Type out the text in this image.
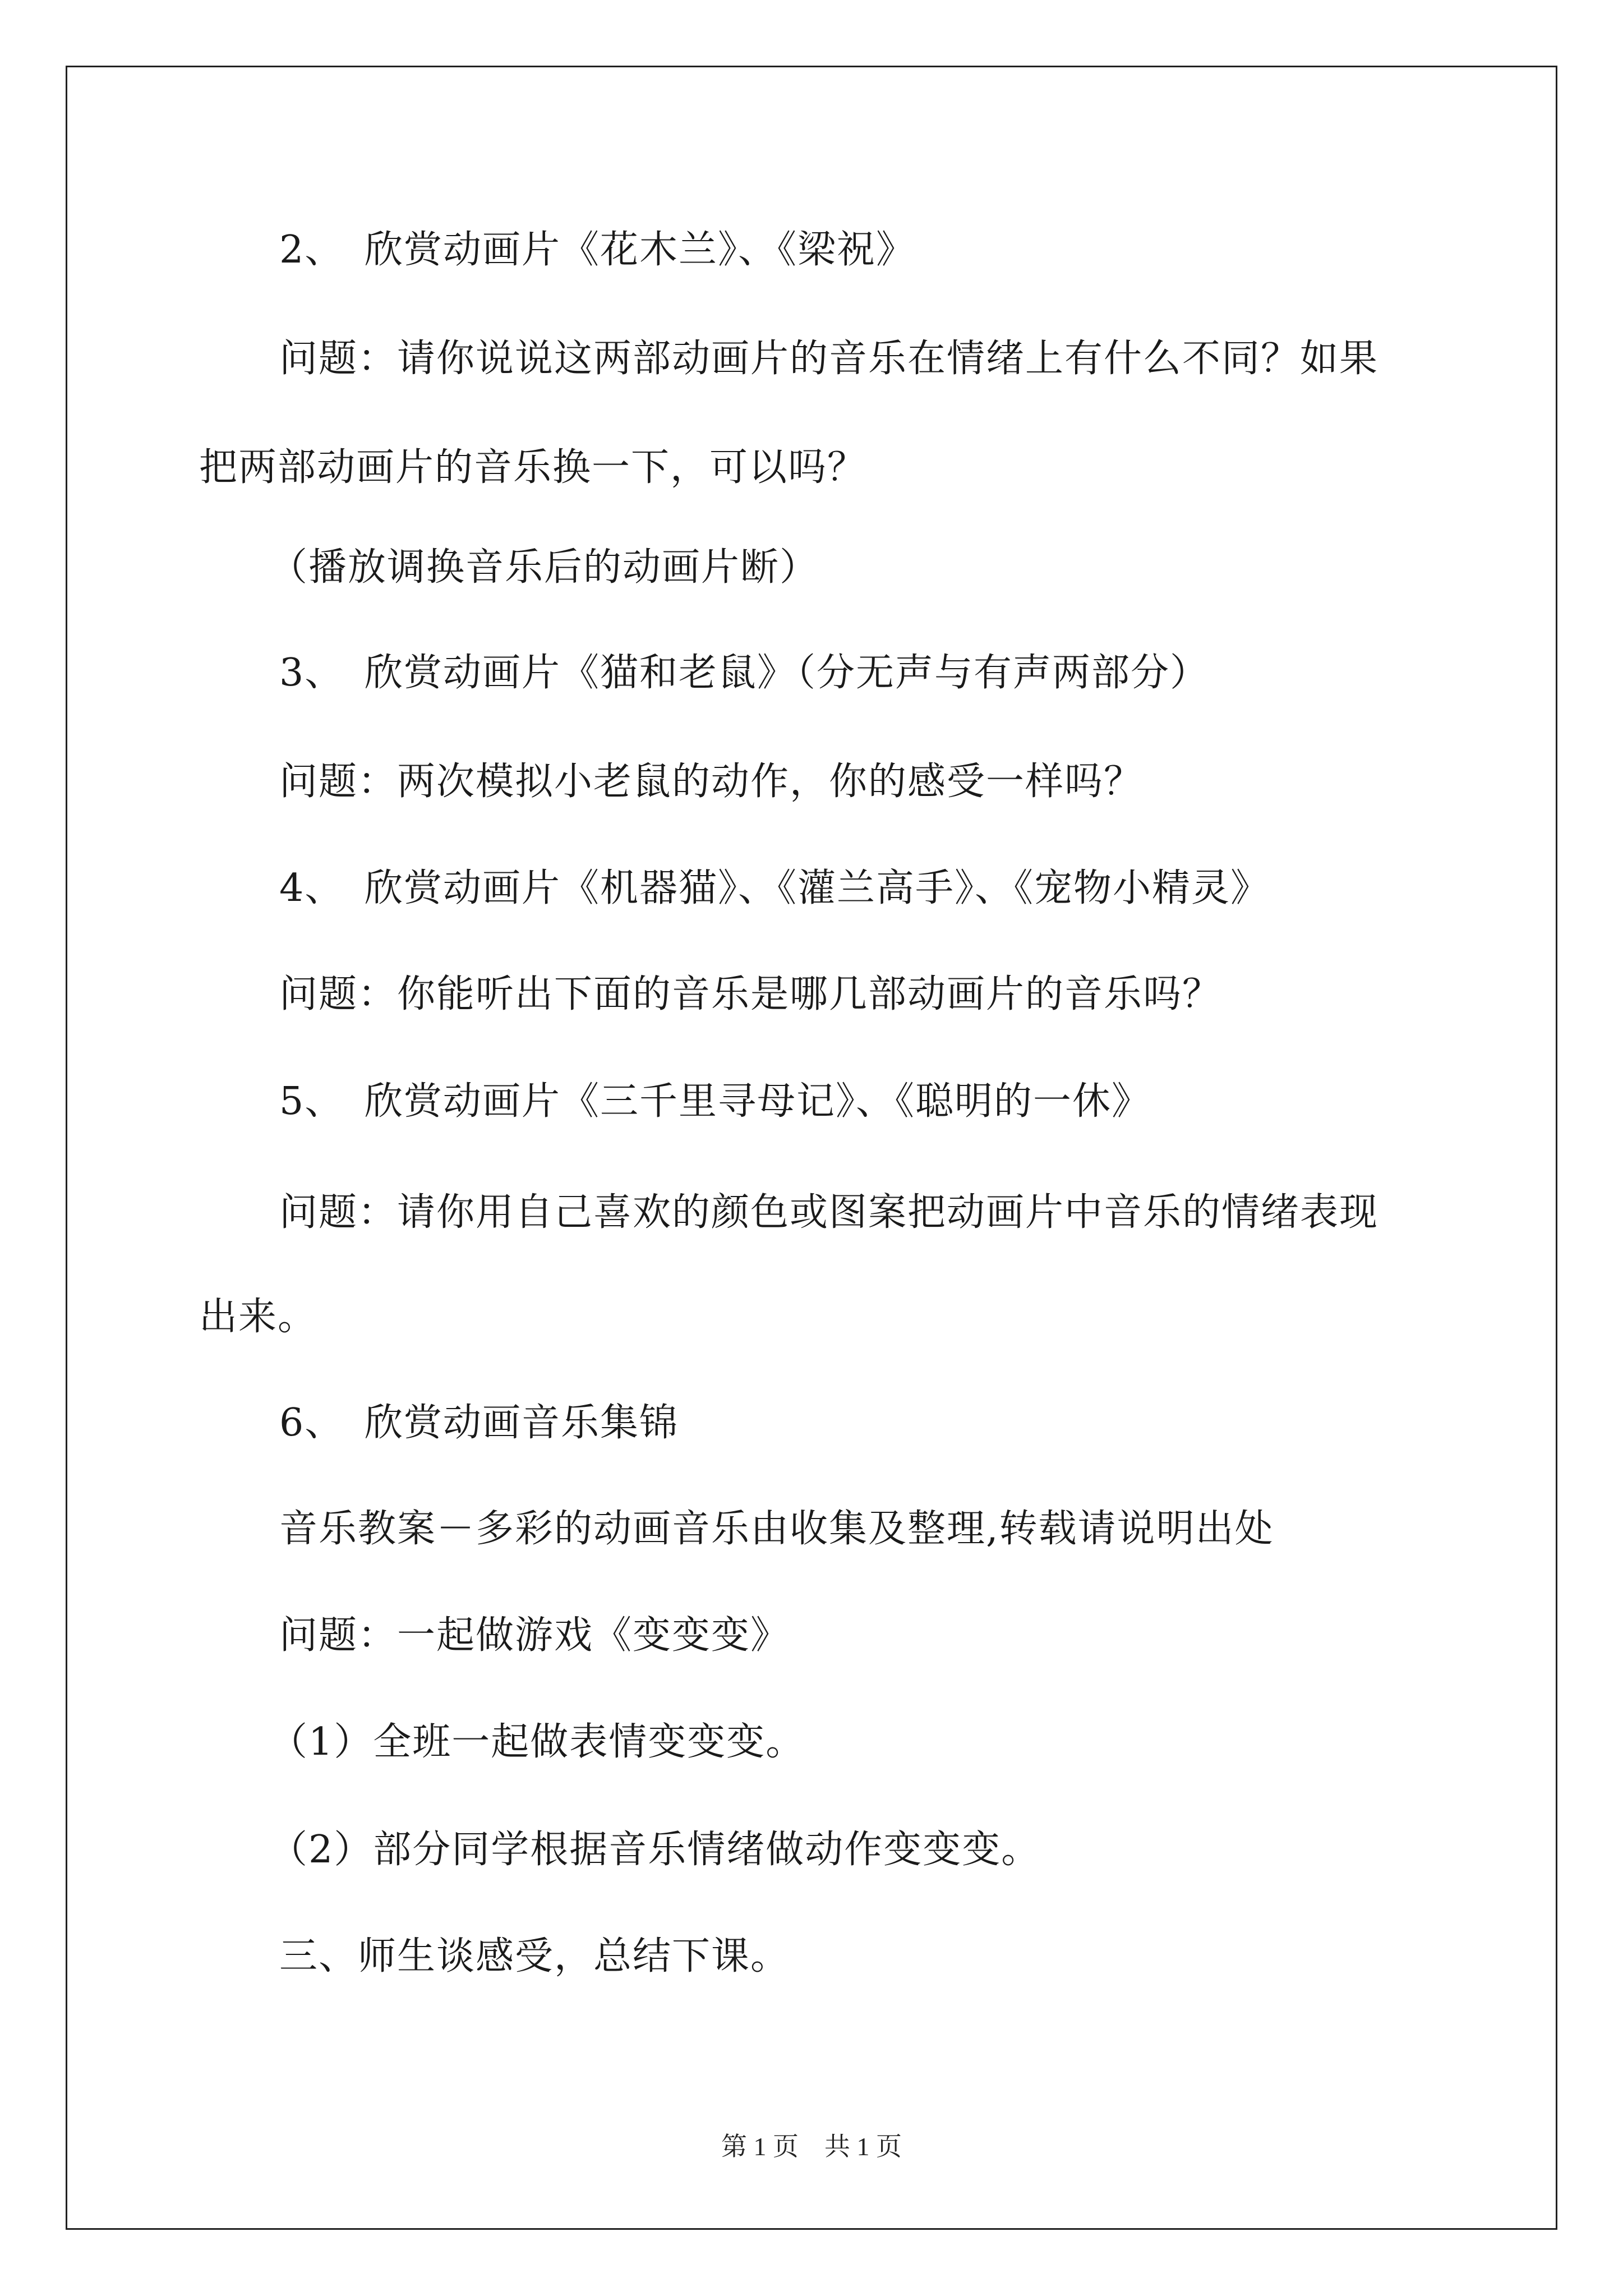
2、 欣赏动画片《花木兰》、《梁祝》
问题：请你说说这两部动画片的音乐在情绪上有什么不同？如果
把两部动画片的音乐换一下，可以吗？
（播放调换音乐后的动画片断）
3、 欣赏动画片《猫和老鼠》（分无声与有声两部分）
问题：两次模拟小老鼠的动作，你的感受一样吗？
4、 欣赏动画片《机器猫》、《灌兰高手》、《宠物小精灵》
问题：你能听出下面的音乐是哪几部动画片的音乐吗？
5、 欣赏动画片《三千里寻母记》、《聪明的一休》
问题：请你用自己喜欢的颜色或图案把动画片中音乐的情绪表现
出来。
6、 欣赏动画音乐集锦
音乐教案－多彩的动画音乐由收集及整理,转载请说明出处
问题：一起做游戏《变变变》
（1）全班一起做表情变变变。
（2）部分同学根据音乐情绪做动作变变变。
三、师生谈感受，总结下课。
第 1 页　共 1 页
